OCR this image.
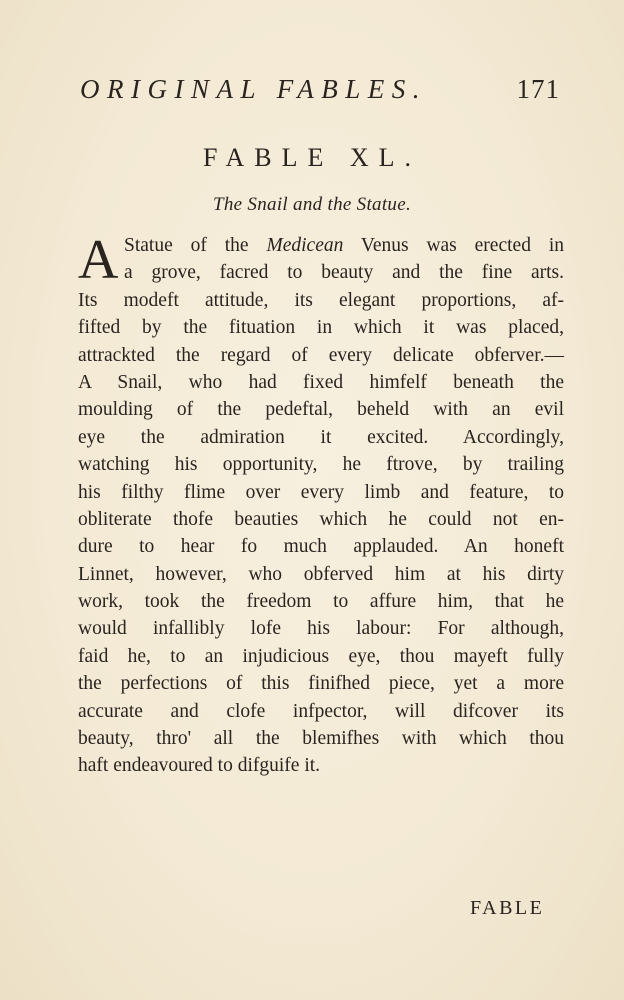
ORIGINAL FABLES.	171
FABLE XL.
The Snail and the Statue.
A Statue of the Medicean Venus was erected in
a grove, facred to beauty and the fine arts.
Its modeft attitude, its elegant proportions, af-
fifted by the fituation in which it was placed,
attrackted the regard of every delicate obferver.—
A Snail, who had fixed himfelf beneath the
moulding of the pedeftal, beheld with an evil
eye the admiration it excited. Accordingly,
watching his opportunity, he ftrove, by trailing
his filthy flime over every limb and feature, to
obliterate thofe beauties which he could not en-
dure to hear fo much applauded. An honeft
Linnet, however, who obferved him at his dirty
work, took the freedom to affure him, that he
would infallibly lofe his labour: For although,
faid he, to an injudicious eye, thou mayeft fully
the perfections of this finifhed piece, yet a more
accurate and clofe infpector, will difcover its
beauty, thro' all the blemifhes with which thou
haft endeavoured to difguife it.
FABLE
